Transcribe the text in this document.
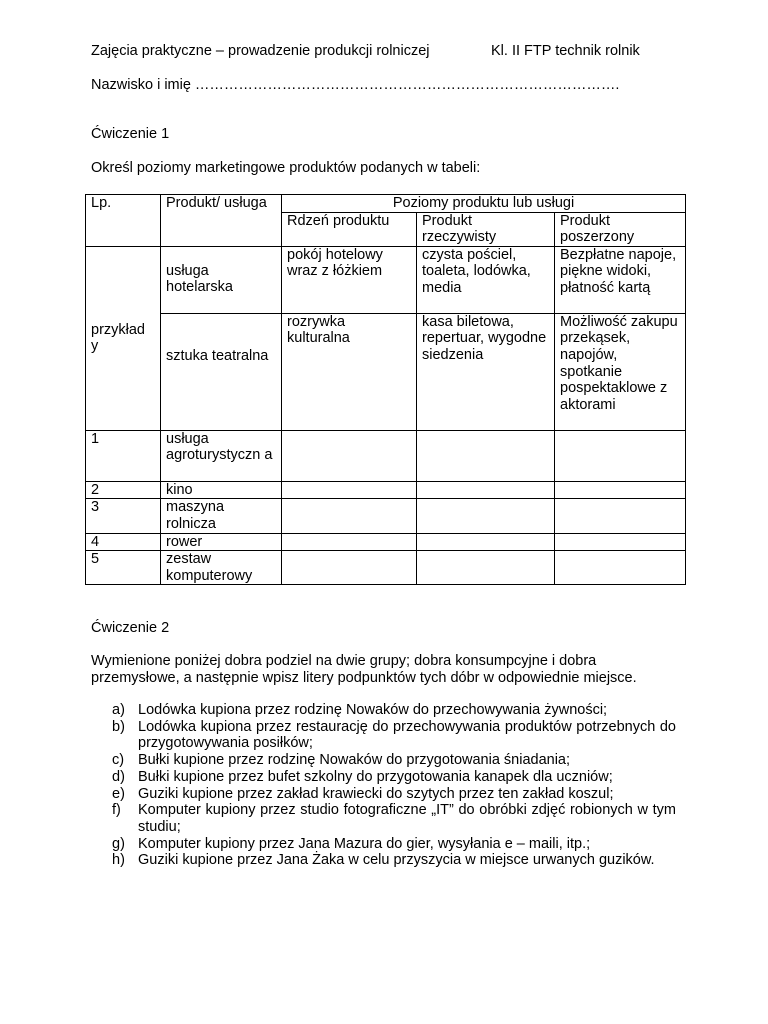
Zajęcia praktyczne – prowadzenie produkcji rolniczej	Kl. II FTP technik rolnik
Nazwisko i imię …………………………………………………………………………….
Ćwiczenie 1
Określ poziomy marketingowe produktów podanych w tabeli:
Lp.	Produkt/ usługa	Poziomy produktu lub usługi		
		Rdzeń produktu	Produkt rzeczywisty	Produkt poszerzony
przykład y	usługa hotelarska	pokój hotelowy wraz z łóżkiem	czysta pościel, toaleta, lodówka, media	Bezpłatne napoje, piękne widoki, płatność kartą

	sztuka teatralna	rozrywka kulturalna	kasa biletowa, repertuar, wygodne siedzenia	Możliwość zakupu przekąsek, napojów, spotkanie pospektaklowe z aktorami
1	usługa agroturystyczn a			
2	kino			
3	maszyna rolnicza			
4	rower			
5	zestaw komputerowy			
Ćwiczenie 2
Wymienione poniżej dobra podziel na dwie grupy; dobra konsumpcyjne i dobra przemysłowe, a następnie wpisz litery podpunktów tych dóbr w odpowiednie miejsce.
a) Lodówka kupiona przez rodzinę Nowaków do przechowywania żywności;
b) Lodówka kupiona przez restaurację do przechowywania produktów potrzebnych do przygotowywania posiłków;
c) Bułki kupione przez rodzinę Nowaków do przygotowania śniadania;
d) Bułki kupione przez bufet szkolny do przygotowania kanapek dla uczniów;
e) Guziki kupione przez zakład krawiecki do szytych przez ten zakład koszul;
f) Komputer kupiony przez studio fotograficzne „IT” do obróbki zdjęć robionych w tym studiu;
g) Komputer kupiony przez Jana Mazura do gier, wysyłania e – maili, itp.;
h) Guziki kupione przez Jana Żaka w celu przyszycia w miejsce urwanych guzików.
